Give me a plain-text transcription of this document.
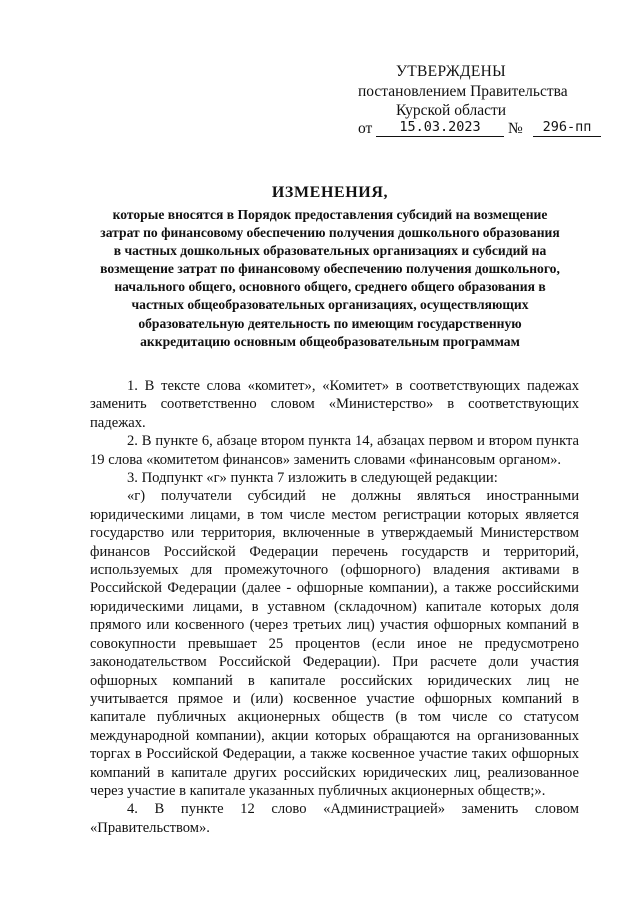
УТВЕРЖДЕНЫ
постановлением Правительства
Курской области
от	15.03.2023	№	296-пп
ИЗМЕНЕНИЯ,
которые вносятся в Порядок предоставления субсидий на возмещение
затрат по финансовому обеспечению получения дошкольного образования
в частных дошкольных образовательных организациях и субсидий на
возмещение затрат по финансовому обеспечению получения дошкольного,
начального общего, основного общего, среднего общего образования в
частных общеобразовательных организациях, осуществляющих
образовательную деятельность по имеющим государственную
аккредитацию основным общеобразовательным программам

1. В тексте слова «комитет», «Комитет» в соответствующих падежах заменить соответственно словом «Министерство» в соответствующих падежах.

2. В пункте 6, абзаце втором пункта 14, абзацах первом и втором пункта 19 слова «комитетом финансов» заменить словами «финансовым органом».

3. Подпункт «г» пункта 7 изложить в следующей редакции:

«г) получатели субсидий не должны являться иностранными юридическими лицами, в том числе местом регистрации которых является государство или территория, включенные в утверждаемый Министерством финансов Российской Федерации перечень государств и территорий, используемых для промежуточного (офшорного) владения активами в Российской Федерации (далее - офшорные компании), а также российскими юридическими лицами, в уставном (складочном) капитале которых доля прямого или косвенного (через третьих лиц) участия офшорных компаний в совокупности превышает 25 процентов (если иное не предусмотрено законодательством Российской Федерации). При расчете доли участия офшорных компаний в капитале российских юридических лиц не учитывается прямое и (или) косвенное участие офшорных компаний в капитале публичных акционерных обществ (в том числе со статусом международной компании), акции которых обращаются на организованных торгах в Российской Федерации, а также косвенное участие таких офшорных компаний в капитале других российских юридических лиц, реализованное через участие в капитале указанных публичных акционерных обществ;».

4. В пункте 12 слово «Администрацией» заменить словом «Правительством».
